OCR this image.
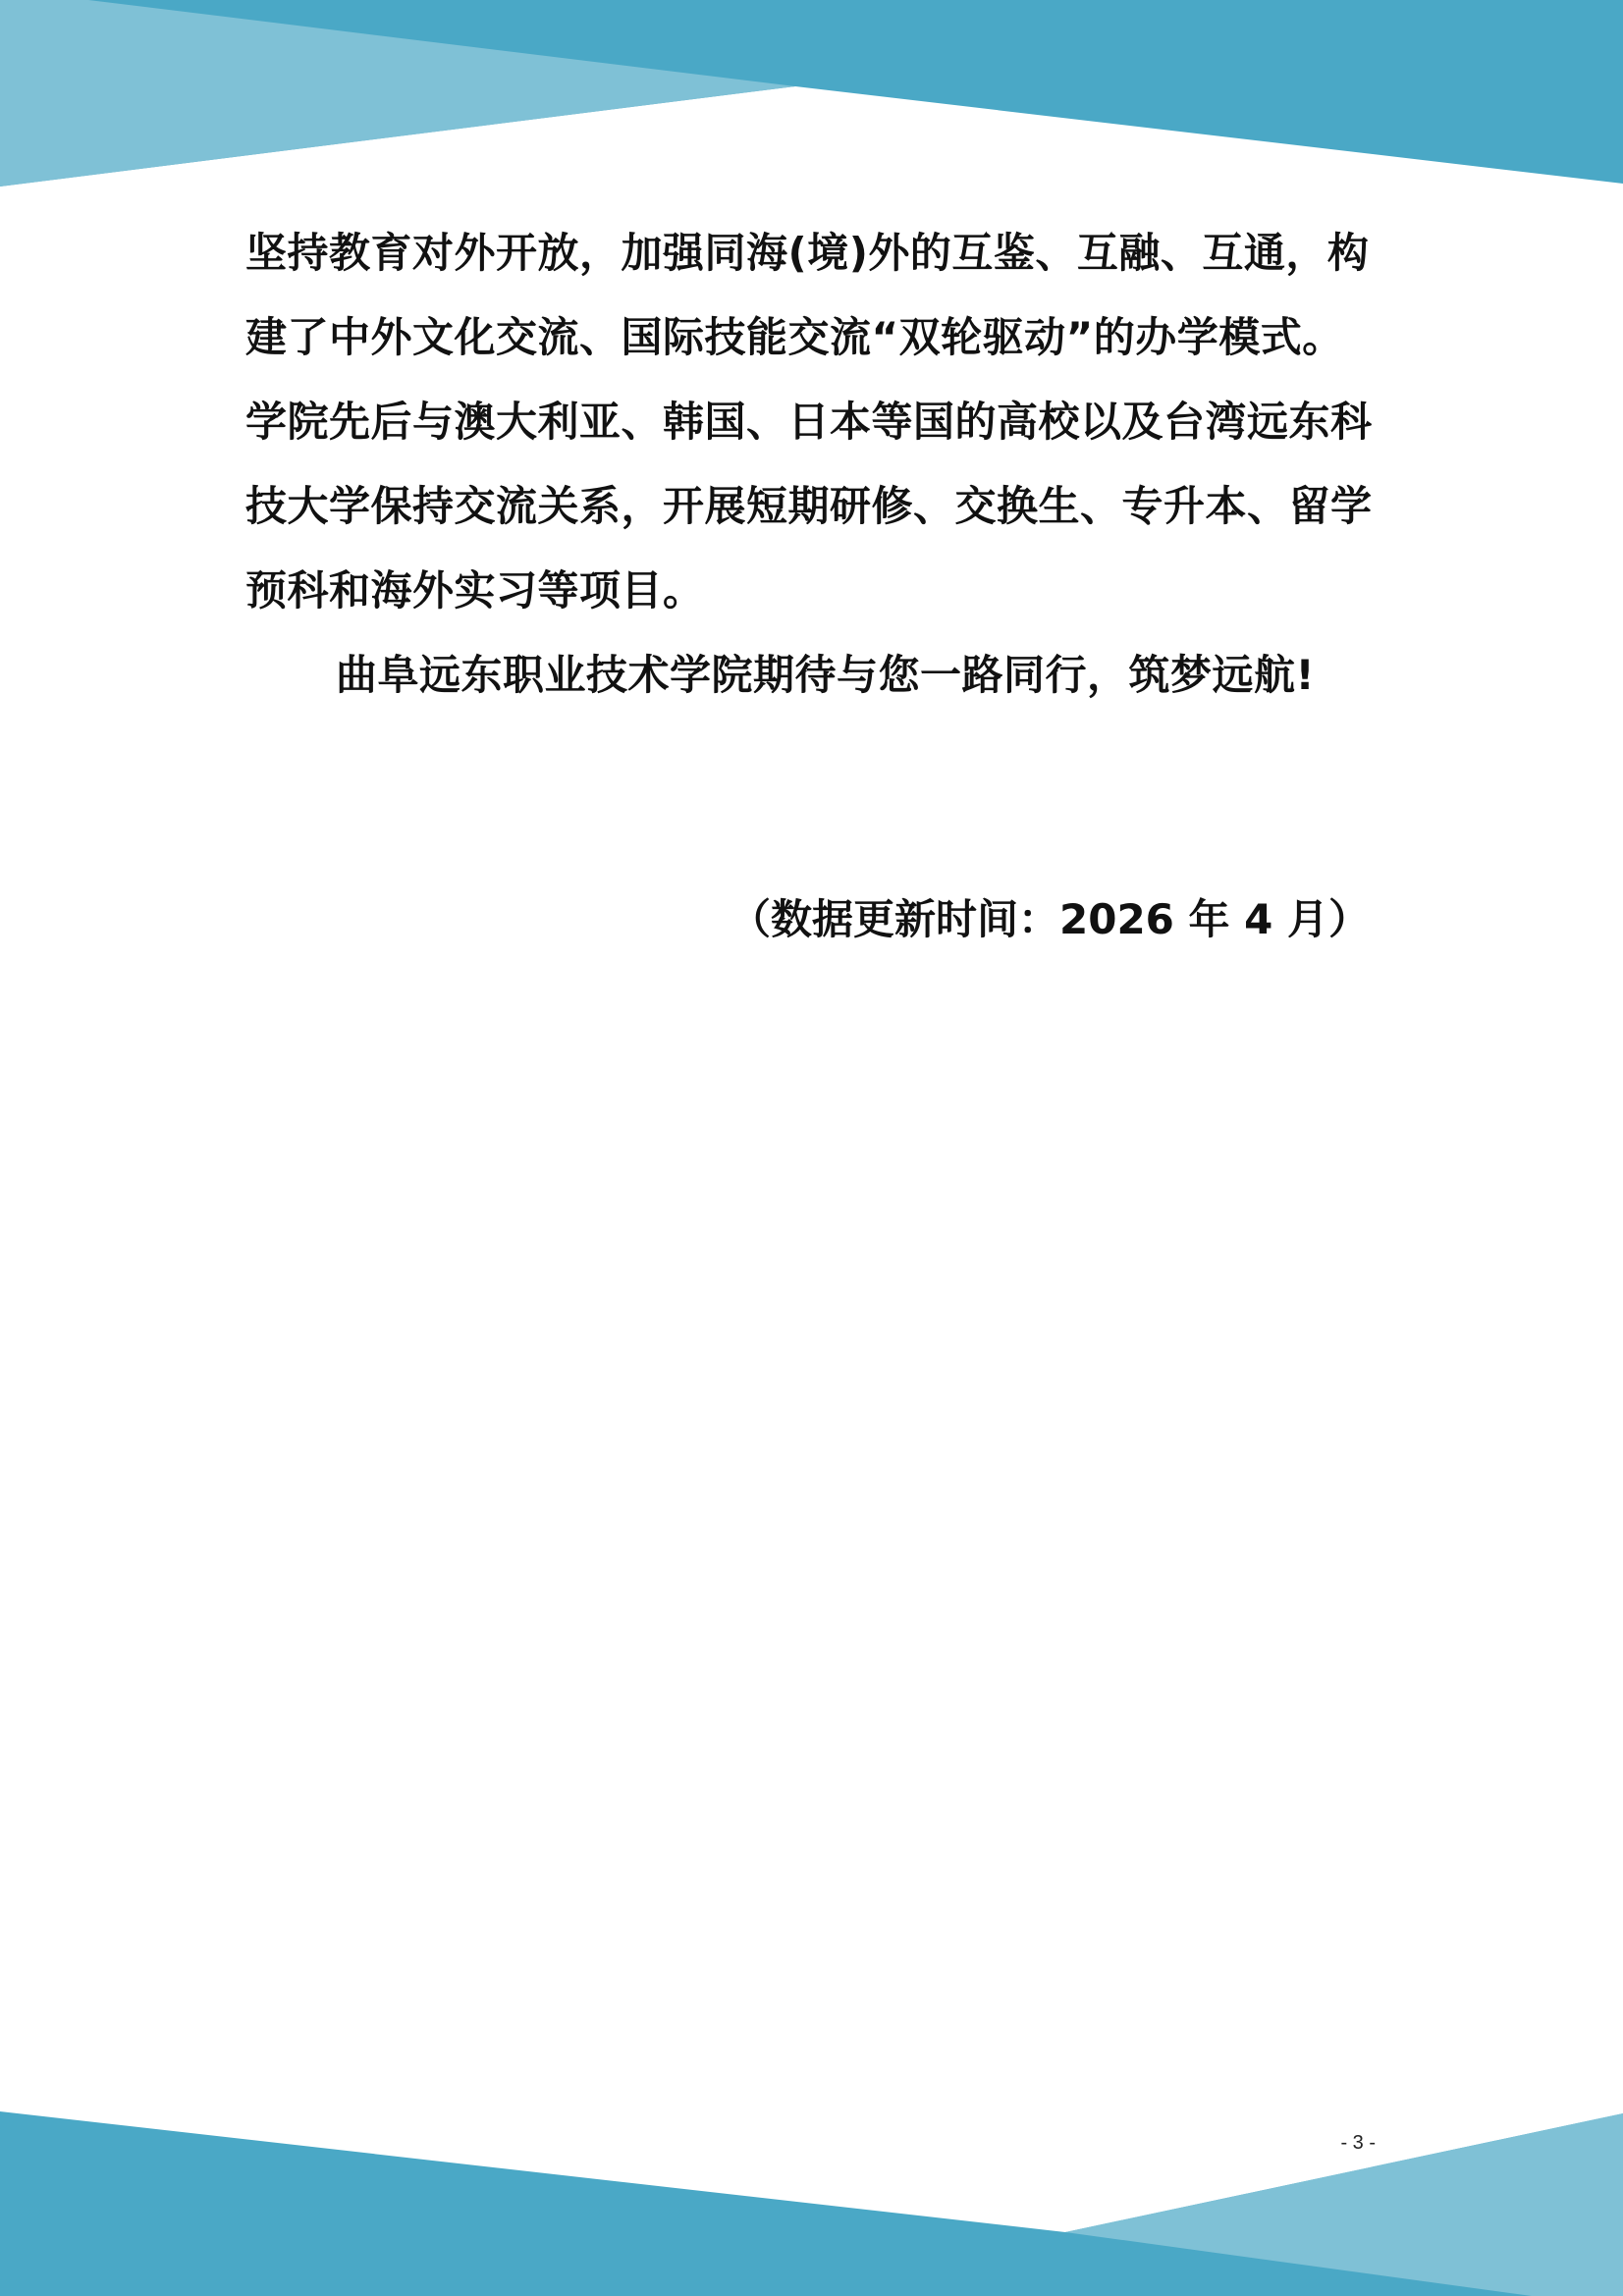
坚持教育对外开放，加强同海(境)外的互鉴、互融、互通，构建了中外文化交流、国际技能交流“双轮驱动”的办学模式。学院先后与澳大利亚、韩国、日本等国的高校以及台湾远东科技大学保持交流关系，开展短期研修、交换生、专升本、留学预科和海外实习等项目。

曲阜远东职业技术学院期待与您一路同行，筑梦远航!

（数据更新时间：2026 年 4 月）
- 3 -
